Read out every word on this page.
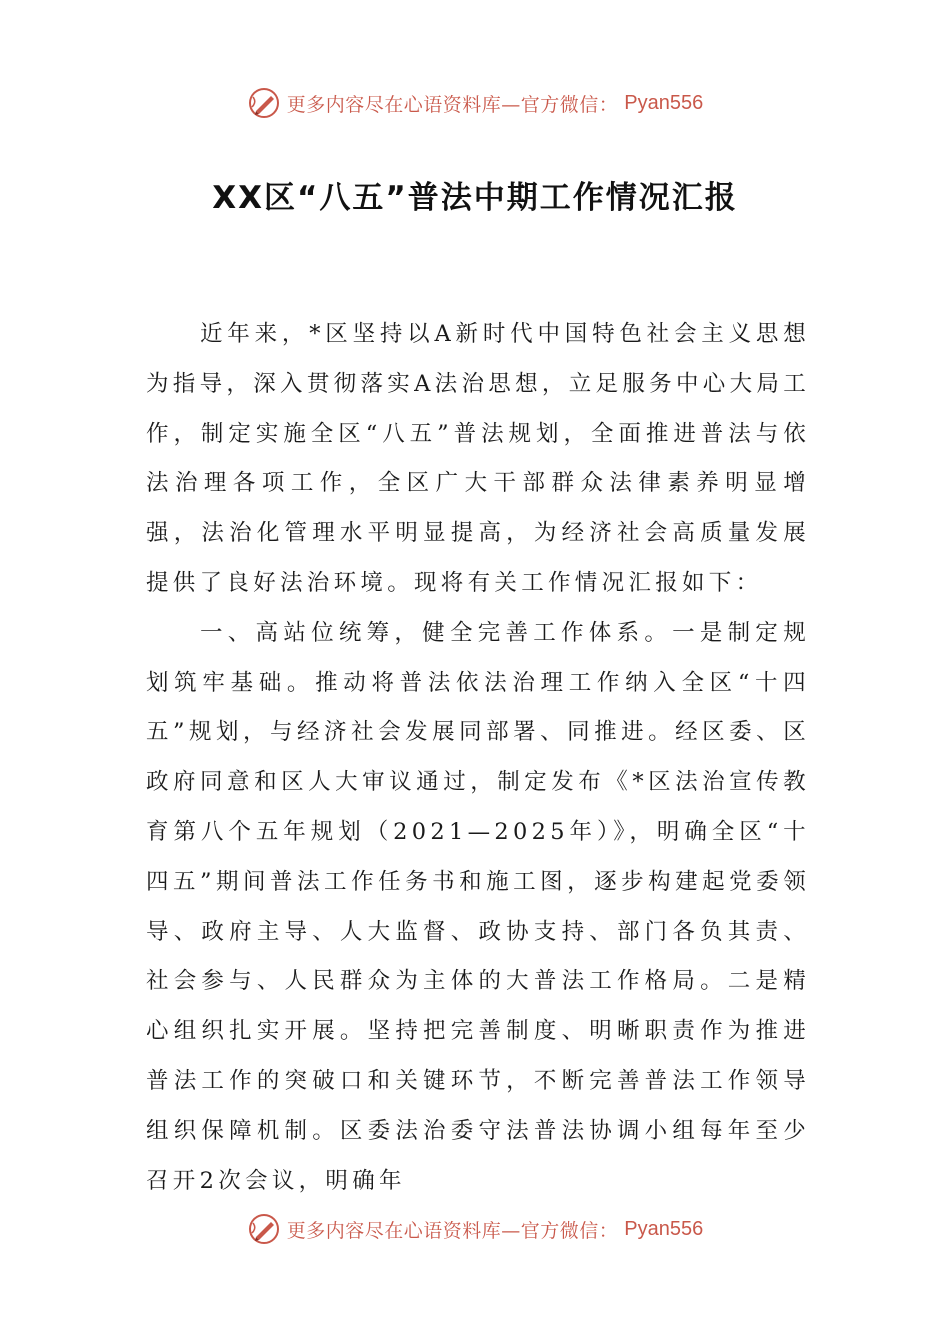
更多内容尽在心语资料库—官方微信： Pyan556
XX区“八五”普法中期工作情况汇报

近年来，*区坚持以A新时代中国特色社会主义思想为指导，深入贯彻落实A法治思想，立足服务中心大局工作，制定实施全区“八五”普法规划，全面推进普法与依法治理各项工作，全区广大干部群众法律素养明显增强，法治化管理水平明显提高，为经济社会高质量发展提供了良好法治环境。现将有关工作情况汇报如下：

一、高站位统筹，健全完善工作体系。一是制定规划筑牢基础。推动将普法依法治理工作纳入全区“十四五”规划，与经济社会发展同部署、同推进。经区委、区政府同意和区人大审议通过，制定发布《*区法治宣传教育第八个五年规划（2021—2025年）》，明确全区“十四五”期间普法工作任务书和施工图，逐步构建起党委领导、政府主导、人大监督、政协支持、部门各负其责、社会参与、人民群众为主体的大普法工作格局。二是精心组织扎实开展。坚持把完善制度、明晰职责作为推进普法工作的突破口和关键环节，不断完善普法工作领导组织保障机制。区委法治委守法普法协调小组每年至少召开2次会议，明确年

更多内容尽在心语资料库—官方微信： Pyan556
